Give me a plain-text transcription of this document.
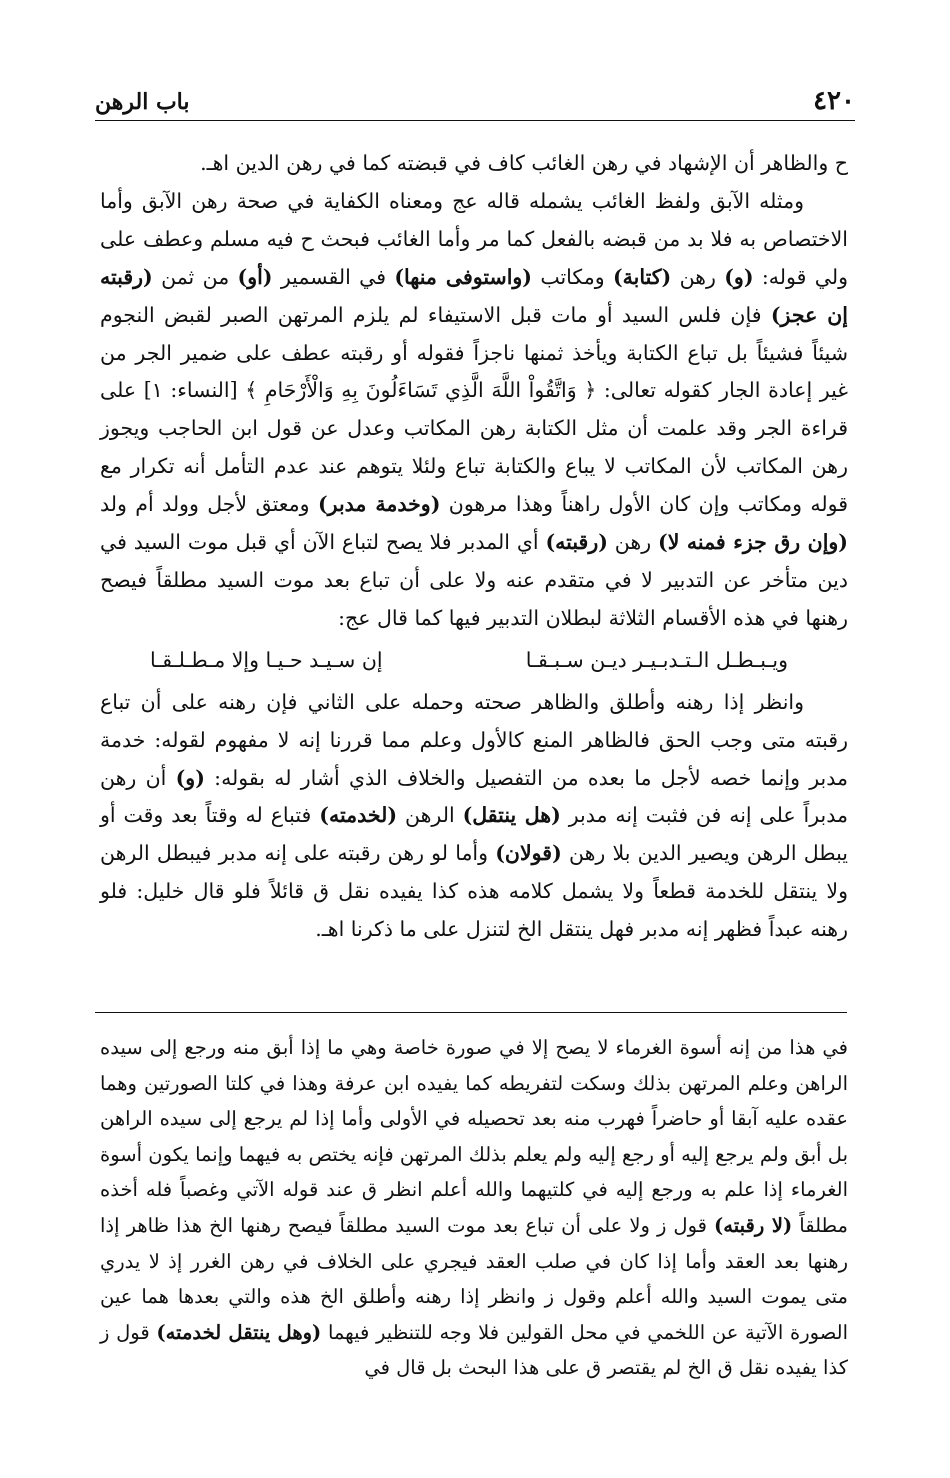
٤٢٠
باب الرهن

ح والظاهر أن الإشهاد في رهن الغائب كاف في قبضته كما في رهن الدين اهـ.

ومثله الآبق ولفظ الغائب يشمله قاله عج ومعناه الكفاية في صحة رهن الآبق وأما الاختصاص به فلا بد من قبضه بالفعل كما مر وأما الغائب فبحث ح فيه مسلم وعطف على ولي قوله: (و) رهن (كتابة) ومكاتب (واستوفى منها) في القسمير (أو) من ثمن (رقبته إن عجز) فإن فلس السيد أو مات قبل الاستيفاء لم يلزم المرتهن الصبر لقبض النجوم شيئاً فشيئاً بل تباع الكتابة ويأخذ ثمنها ناجزاً فقوله أو رقبته عطف على ضمير الجر من غير إعادة الجار كقوله تعالى: ﴿ وَاتَّقُواْ اللَّهَ الَّذِي تَسَاءَلُونَ بِهِ وَالْأَرْحَامِ ﴾ [النساء: ١] على قراءة الجر وقد علمت أن مثل الكتابة رهن المكاتب وعدل عن قول ابن الحاجب ويجوز رهن المكاتب لأن المكاتب لا يباع والكتابة تباع ولئلا يتوهم عند عدم التأمل أنه تكرار مع قوله ومكاتب وإن كان الأول راهناً وهذا مرهون (وخدمة مدبر) ومعتق لأجل وولد أم ولد (وإن رق جزء فمنه لا) رهن (رقبته) أي المدبر فلا يصح لتباع الآن أي قبل موت السيد في دين متأخر عن التدبير لا في متقدم عنه ولا على أن تباع بعد موت السيد مطلقاً فيصح رهنها في هذه الأقسام الثلاثة لبطلان التدبير فيها كما قال عج:

ويـبـطـل الـتـدبـيـر ديـن سـبـقـا
إن سـيـد حـيـا وإلا مـطـلـقـا

وانظر إذا رهنه وأطلق والظاهر صحته وحمله على الثاني فإن رهنه على أن تباع رقبته متى وجب الحق فالظاهر المنع كالأول وعلم مما قررنا إنه لا مفهوم لقوله: خدمة مدبر وإنما خصه لأجل ما بعده من التفصيل والخلاف الذي أشار له بقوله: (و) أن رهن مدبراً على إنه فن فثبت إنه مدبر (هل ينتقل) الرهن (لخدمته) فتباع له وقتاً بعد وقت أو يبطل الرهن ويصير الدين بلا رهن (قولان) وأما لو رهن رقبته على إنه مدبر فيبطل الرهن ولا ينتقل للخدمة قطعاً ولا يشمل كلامه هذه كذا يفيده نقل ق قائلاً فلو قال خليل: فلو رهنه عبداً فظهر إنه مدبر فهل ينتقل الخ لتنزل على ما ذكرنا اهـ.

في هذا من إنه أسوة الغرماء لا يصح إلا في صورة خاصة وهي ما إذا أبق منه ورجع إلى سيده الراهن وعلم المرتهن بذلك وسكت لتفريطه كما يفيده ابن عرفة وهذا في كلتا الصورتين وهما عقده عليه آبقا أو حاضراً فهرب منه بعد تحصيله في الأولى وأما إذا لم يرجع إلى سيده الراهن بل أبق ولم يرجع إليه أو رجع إليه ولم يعلم بذلك المرتهن فإنه يختص به فيهما وإنما يكون أسوة الغرماء إذا علم به ورجع إليه في كلتيهما والله أعلم انظر ق عند قوله الآتي وغصباً فله أخذه مطلقاً (لا رقبته) قول ز ولا على أن تباع بعد موت السيد مطلقاً فيصح رهنها الخ هذا ظاهر إذا رهنها بعد العقد وأما إذا كان في صلب العقد فيجري على الخلاف في رهن الغرر إذ لا يدري متى يموت السيد والله أعلم وقول ز وانظر إذا رهنه وأطلق الخ هذه والتي بعدها هما عين الصورة الآتية عن اللخمي في محل القولين فلا وجه للتنظير فيهما (وهل ينتقل لخدمته) قول ز كذا يفيده نقل ق الخ لم يقتصر ق على هذا البحث بل قال في
